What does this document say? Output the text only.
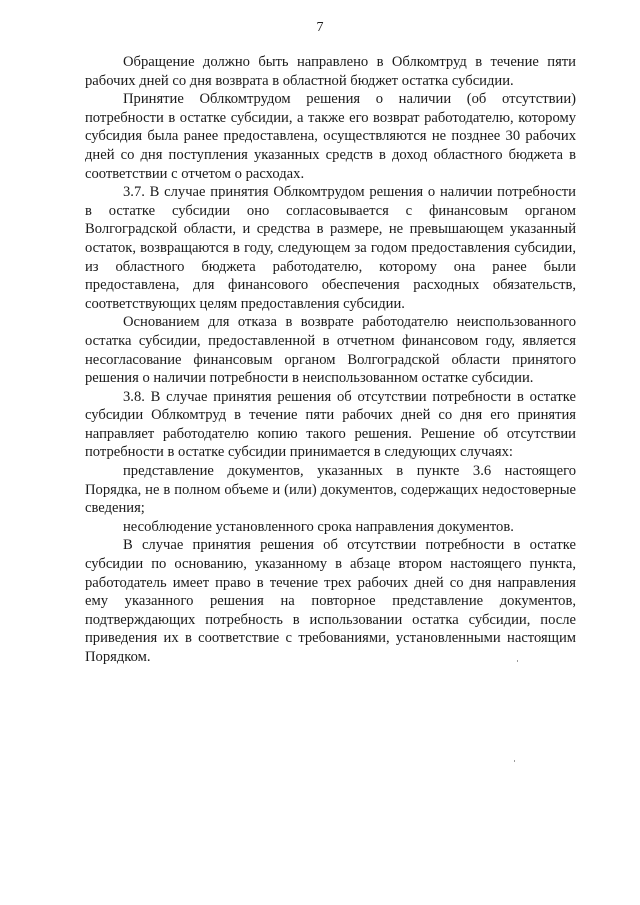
7

Обращение должно быть направлено в Облкомтруд в течение пяти рабочих дней со дня возврата в областной бюджет остатка субсидии.

Принятие Облкомтрудом решения о наличии (об отсутствии) потребности в остатке субсидии, а также его возврат работодателю, которому субсидия была ранее предоставлена, осуществляются не позднее 30 рабочих дней со дня поступления указанных средств в доход областного бюджета в соответствии с отчетом о расходах.

3.7. В случае принятия Облкомтрудом решения о наличии потребности в остатке субсидии оно согласовывается с финансовым органом Волгоградской области, и средства в размере, не превышающем указанный остаток, возвращаются в году, следующем за годом предоставления субсидии, из областного бюджета работодателю, которому она ранее были предоставлена, для финансового обеспечения расходных обязательств, соответствующих целям предоставления субсидии.

Основанием для отказа в возврате работодателю неиспользованного остатка субсидии, предоставленной в отчетном финансовом году, является несогласование финансовым органом Волгоградской области принятого решения о наличии потребности в неиспользованном остатке субсидии.

3.8. В случае принятия решения об отсутствии потребности в остатке субсидии Облкомтруд в течение пяти рабочих дней со дня его принятия направляет работодателю копию такого решения. Решение об отсутствии потребности в остатке субсидии принимается в следующих случаях:

представление документов, указанных в пункте 3.6 настоящего Порядка, не в полном объеме и (или) документов, содержащих недостоверные сведения;

несоблюдение установленного срока направления документов.

В случае принятия решения об отсутствии потребности в остатке субсидии по основанию, указанному в абзаце втором настоящего пункта, работодатель имеет право в течение трех рабочих дней со дня направления ему указанного решения на повторное представление документов, подтверждающих потребность в использовании остатка субсидии, после приведения их в соответствие с требованиями, установленными настоящим Порядком.
